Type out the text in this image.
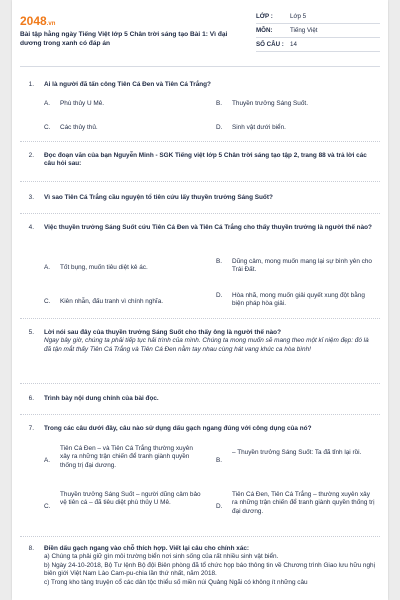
2048.vn
Bài tập hằng ngày Tiếng Việt lớp 5 Chân trời sáng tạo Bài 1: Vì đại dương trong xanh có đáp án
LỚP :	Lớp 5
MÔN:	Tiếng Việt
SỐ CÂU : 14
1. Ai là người đã tấn công Tiên Cá Đen và Tiên Cá Trắng?
A.	Phù thủy U Mê.	B.	Thuyền trưởng Sáng Suốt.
C.	Các thủy thủ.	D.	Sinh vật dưới biển.
2. Đọc đoạn văn của bạn Nguyễn Minh - SGK Tiếng việt lớp 5 Chân trời sáng tạo tập 2, trang 88 và trả lời các câu hỏi sau:
3. Vì sao Tiên Cá Trắng cầu nguyện tổ tiên cứu lấy thuyền trưởng Sáng Suốt?
4. Việc thuyền trưởng Sáng Suốt cứu Tiên Cá Đen và Tiên Cá Trắng cho thấy thuyền trưởng là người thế nào?
A.	Tốt bụng, muốn tiêu diệt kẻ ác.
B.	Dũng cảm, mong muốn mang lại sự bình yên cho Trái Đất.
C.	Kiên nhẫn, đấu tranh vì chính nghĩa.
D.	Hòa nhã, mong muốn giải quyết xung đột bằng biện pháp hòa giải.
5. Lời nói sau đây của thuyền trưởng Sáng Suốt cho thấy ông là người thế nào?
Ngay bây giờ, chúng ta phải tiếp tục hải trình của mình. Chúng ta mong muốn sẽ mang theo một kỉ niệm đẹp: đó là đã tận mắt thấy Tiên Cá Trắng và Tiên Cá Đen nằm tay nhau cùng hát vang khúc ca hòa bình!
6. Trình bày nội dung chính của bài đọc.
7. Trong các câu dưới đây, câu nào sử dụng dấu gạch ngang đúng với công dụng của nó?
A.
Tiên Cá Đen – và Tiên Cá Trắng thường xuyên xảy ra những trận chiến để tranh giành quyền thống trị đại dương.
B.
– Thuyền trưởng Sáng Suốt: Ta đã tỉnh lại rồi.
C.
Thuyền trưởng Sáng Suốt – người dũng cảm bảo vệ tiên cá – đã tiêu diệt phù thủy U Mê.
D.
Tiên Cá Đen, Tiên Cá Trắng – thường xuyên xảy ra những trận chiến để tranh giành quyền thống trị đại dương.
8. Điền dấu gạch ngang vào chỗ thích hợp. Viết lại câu cho chính xác:
a) Chúng ta phải giữ gìn môi trường biển nơi sinh sống của rất nhiều sinh vật biển.
b) Ngày 24-10-2018, Bộ Tư lệnh Bộ đội Biên phòng đã tổ chức họp báo thông tin về Chương trình Giao lưu hữu nghị biên giới Việt Nam Lào Cam-pu-chia lần thứ nhất, năm 2018.
c) Trong kho tàng truyện cổ các dân tộc thiểu số miền núi Quảng Ngãi có không ít những câu
